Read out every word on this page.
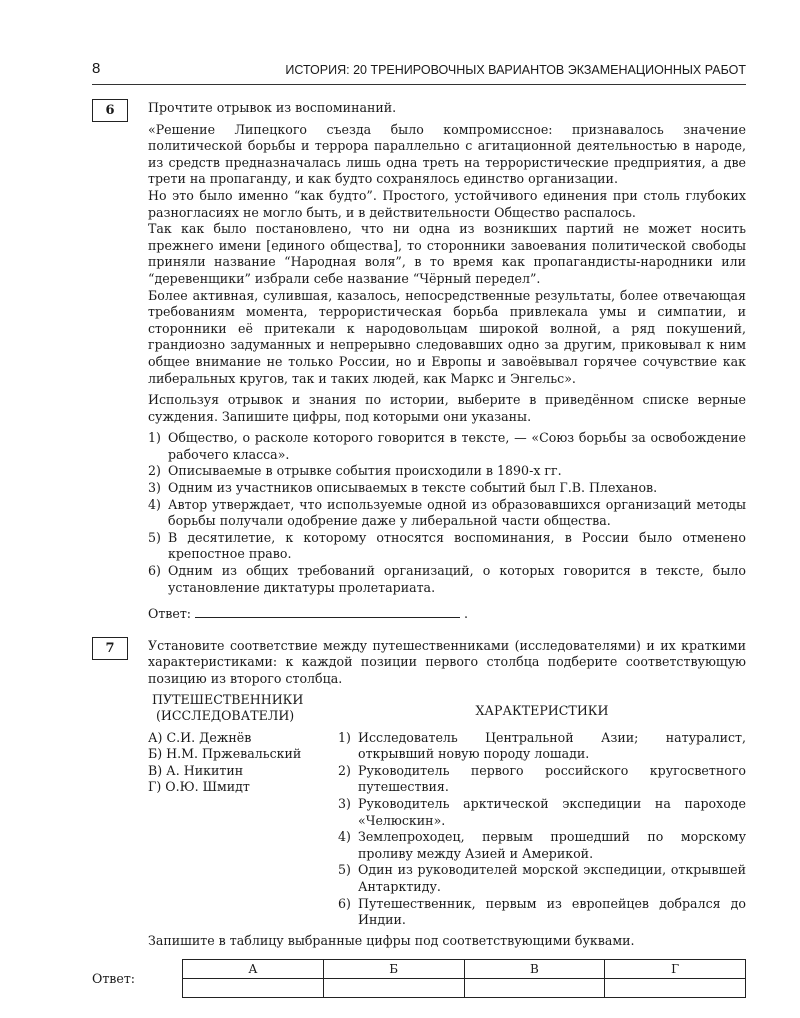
8	ИСТОРИЯ: 20 ТРЕНИРОВОЧНЫХ ВАРИАНТОВ ЭКЗАМЕНАЦИОННЫХ РАБОТ
6	Прочтите отрывок из воспоминаний.

«Решение Липецкого съезда было компромиссное: признавалось значение политической борьбы и террора параллельно с агитационной деятельностью в народе, из средств предназначалась лишь одна треть на террористические предприятия, а две трети на пропаганду, и как будто сохранялось единство организации.

Но это было именно “как будто”. Простого, устойчивого единения при столь глубоких разногласиях не могло быть, и в действительности Общество распалось.

Так как было постановлено, что ни одна из возникших партий не может носить прежнего имени [единого общества], то сторонники завоевания политической свободы приняли название “Народная воля”, в то время как пропагандисты-народники или “деревенщики” избрали себе название “Чёрный передел”.

Более активная, сулившая, казалось, непосредственные результаты, более отвечающая требованиям момента, террористическая борьба привлекала умы и симпатии, и сторонники её притекали к народовольцам широкой волной, а ряд покушений, грандиозно задуманных и непрерывно следовавших одно за другим, приковывал к ним общее внимание не только России, но и Европы и завоёвывал горячее сочувствие как либеральных кругов, так и таких людей, как Маркс и Энгельс».

Используя отрывок и знания по истории, выберите в приведённом списке верные суждения. Запишите цифры, под которыми они указаны.

1) Общество, о расколе которого говорится в тексте, — «Союз борьбы за освобождение рабочего класса».
2) Описываемые в отрывке события происходили в 1890-х гг.
3) Одним из участников описываемых в тексте событий был Г.В. Плеханов.
4) Автор утверждает, что используемые одной из образовавшихся организаций методы борьбы получали одобрение даже у либеральной части общества.
5) В десятилетие, к которому относятся воспоминания, в России было отменено крепостное право.
6) Одним из общих требований организаций, о которых говорится в тексте, было установление диктатуры пролетариата.

Ответ:	.

7	Установите соответствие между путешественниками (исследователями) и их краткими характеристиками: к каждой позиции первого столбца подберите соответствующую позицию из второго столбца.

ПУТЕШЕСТВЕННИКИ
(ИССЛЕДОВАТЕЛИ)
А) С.И. Дежнёв
Б) Н.М. Пржевальский
В) А. Никитин
Г) О.Ю. Шмидт
ХАРАКТЕРИСТИКИ
1) Исследователь Центральной Азии; натуралист, открывший новую породу лошади.
2) Руководитель первого российского кругосветного путешествия.
3) Руководитель арктической экспедиции на пароходе «Челюскин».
4) Землепроходец, первым прошедший по морскому проливу между Азией и Америкой.
5) Один из руководителей морской экспедиции, открывшей Антарктиду.
6) Путешественник, первым из европейцев добрался до Индии.

Запишите в таблицу выбранные цифры под соответствующими буквами.

Ответ:
А	Б	В	Г
